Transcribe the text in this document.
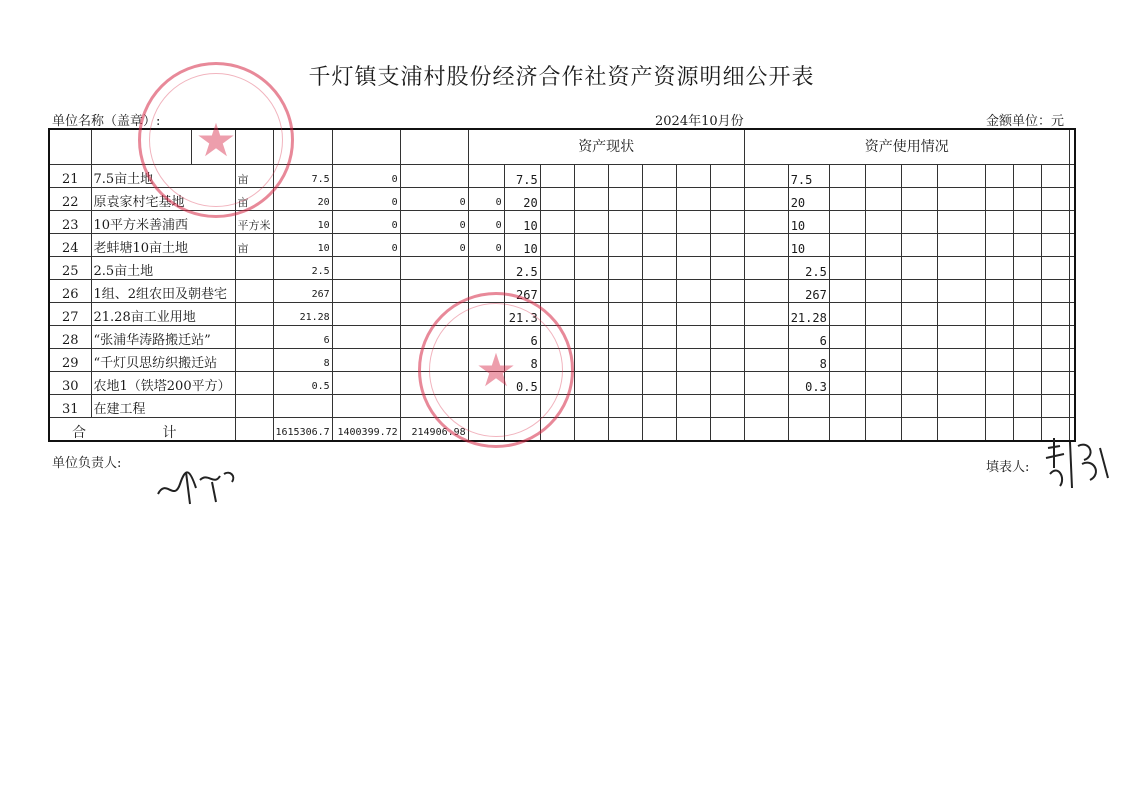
千灯镇支浦村股份经济合作社资产资源明细公开表
单位名称（盖章）:	2024年10月份	金额单位：元
							资产现状								资产使用情况									
21	7.5亩土地		亩	7.5	0			7.5								7.5								
22	原袁家村宅基地		亩	20	0	0	0	20								20								
23	10平方米善浦西		平方米	10	0	0	0	10								10								
24	老蚌塘10亩土地		亩	10	0	0	0	10								10								
25	2.5亩土地			2.5				2.5								2.5								
26	1组、2组农田及朝巷宅			267				267								267								
27	21.28亩工业用地			21.28				21.3								21.28								
28	“张浦华涛路搬迁站”			6				6								6								
29	“千灯贝思纺织搬迁站			8				8								8								
30	农地1（铁塔200平方）			0.5				0.5								0.3								
31	在建工程																							
合 计				1615306.7	1400399.72	214906.98																		
单位负责人:	填表人:
★
★
